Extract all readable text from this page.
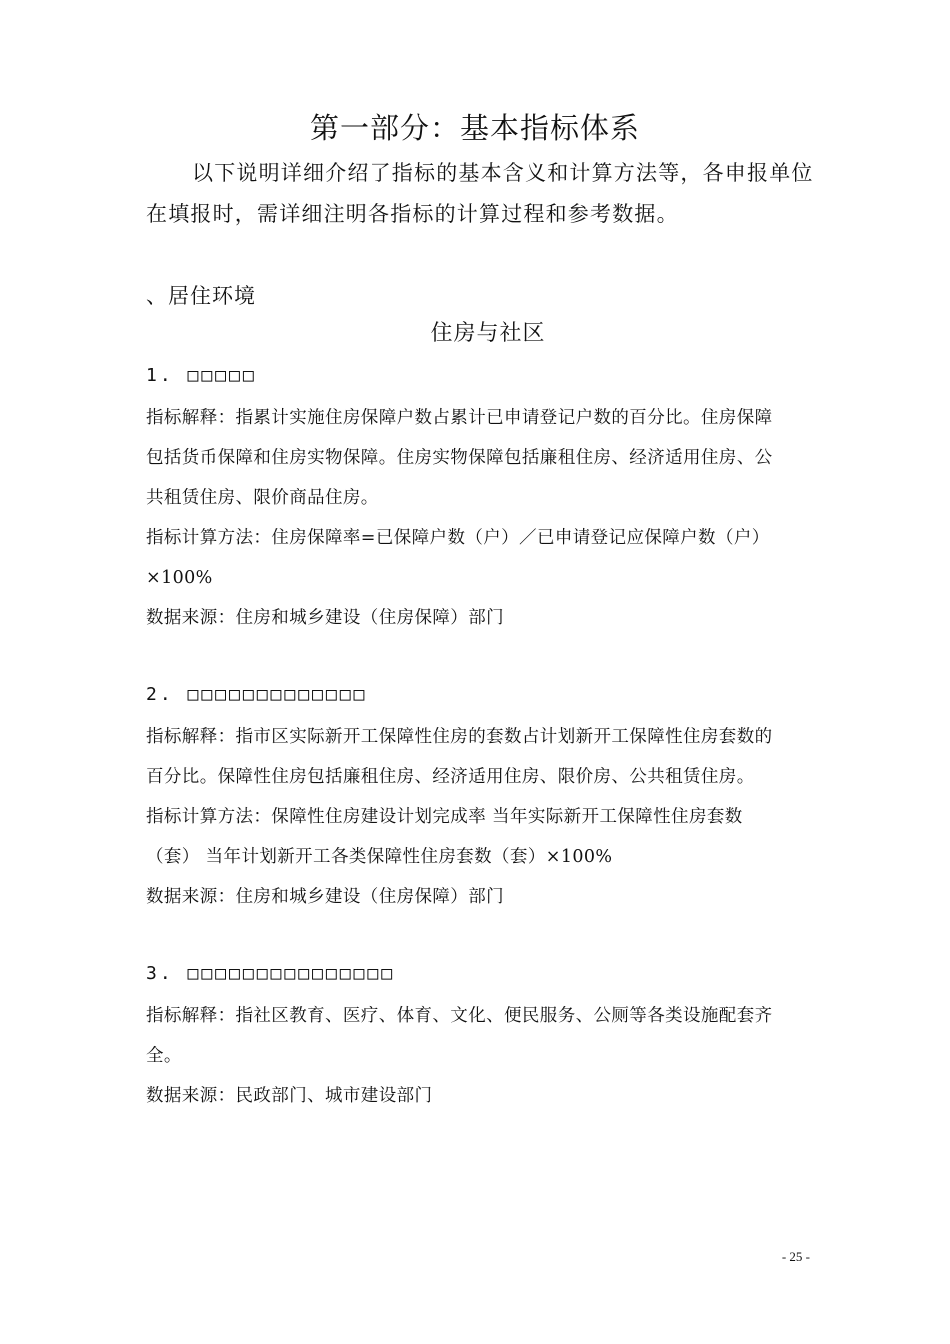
第一部分：基本指标体系
以下说明详细介绍了指标的基本含义和计算方法等，各申报单位
在填报时，需详细注明各指标的计算过程和参考数据。
、居住环境
住房与社区
1. □□□□□
指标解释：指累计实施住房保障户数占累计已申请登记户数的百分比。住房保障
包括货币保障和住房实物保障。住房实物保障包括廉租住房、经济适用住房、公
共租赁住房、限价商品住房。
指标计算方法：住房保障率=已保障户数（户）／已申请登记应保障户数（户）
×100%
数据来源：住房和城乡建设（住房保障）部门
2. □□□□□□□□□□□□□
指标解释：指市区实际新开工保障性住房的套数占计划新开工保障性住房套数的
百分比。保障性住房包括廉租住房、经济适用住房、限价房、公共租赁住房。
指标计算方法：保障性住房建设计划完成率 当年实际新开工保障性住房套数
（套） 当年计划新开工各类保障性住房套数（套）×100%
数据来源：住房和城乡建设（住房保障）部门
3. □□□□□□□□□□□□□□□
指标解释：指社区教育、医疗、体育、文化、便民服务、公厕等各类设施配套齐
全。
数据来源：民政部门、城市建设部门
- 25 -
